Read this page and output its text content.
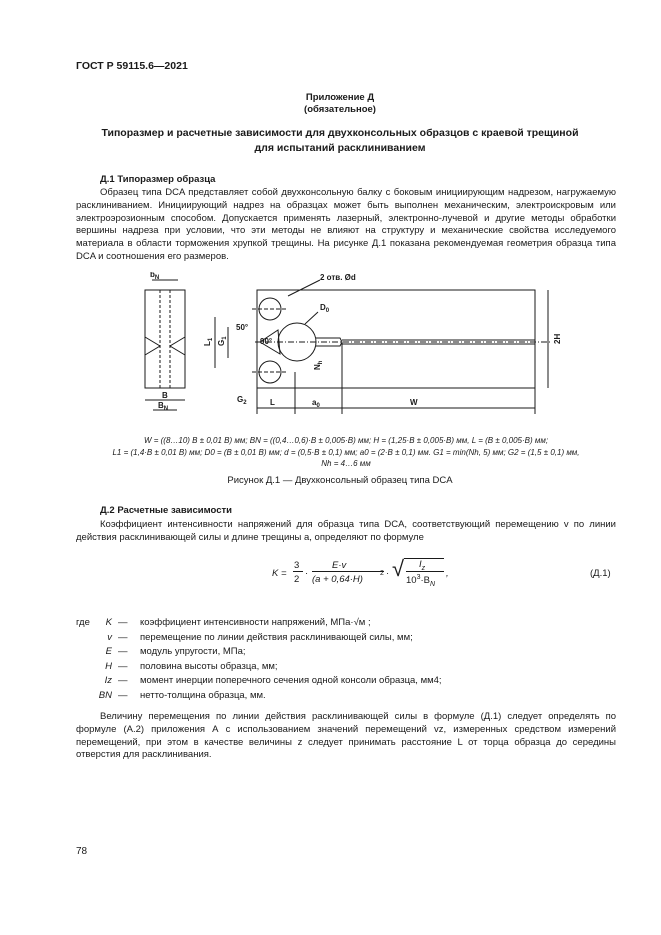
ГОСТ Р 59115.6—2021
Приложение Д
(обязательное)
Типоразмер и расчетные зависимости для двухконсольных образцов с краевой трещиной
для испытаний расклиниванием
Д.1 Типоразмер образца

Образец типа DCA представляет собой двухконсольную балку с боковым инициирующим надрезом, нагружаемую расклиниванием. Инициирующий надрез на образцах может быть выполнен механическим, электроискровым или электроэрозионным способом. Допускается применять лазерный, электронно-лучевой и другие методы обработки вершины надреза при условии, что эти методы не влияют на структуру и механические свойства исследуемого материала в области торможения хрупкой трещины. На рисунке Д.1 показана рекомендуемая геометрия образца типа DCA и соотношения его размеров.

$b_N$	2 отв. Ød
$D_0$
50°
90°
$L_1$
$G_1$
$N_h$
2H
B
$B_N$
$G_2$	L	$a_0$	W
W = ((8…10) B ± 0,01 B) мм; BN = ((0,4…0,6)·B ± 0,005·B) мм; H = (1,25·B ± 0,005·B) мм, L = (B ± 0,005·B) мм;
L1 = (1,4·B ± 0,01 B) мм; D0 = (B ± 0,01 B) мм; d = (0,5·B ± 0,1) мм; a0 = (2·B ± 0,1) мм. G1 = min(Nh, 5) мм; G2 = (1,5 ± 0,1) мм,
Nh = 4…6 мм
Рисунок Д.1 — Двухконсольный образец типа DCA
Д.2 Расчетные зависимости

Коэффициент интенсивности напряжений для образца типа DCA, соответствующий перемещению v по линии действия расклинивающей силы и длине трещины a, определяют по формуле

K =
3
2
·
E·v
(a + 0,64·H)
2 · √ $I_z$
$10^3\cdot B_N$
,	(Д.1)
где	K —	коэффициент интенсивности напряжений, МПа·√м ;
v —	перемещение по линии действия расклинивающей силы, мм;
E —	модуль упругости, МПа;
H —	половина высоты образца, мм;
Iz —	момент инерции поперечного сечения одной консоли образца, мм4;
BN —	нетто-толщина образца, мм.

Величину перемещения по линии действия расклинивающей силы в формуле (Д.1) следует определять по формуле (А.2) приложения А с использованием значений перемещений vz, измеренных средством измерений перемещений, при этом в качестве величины z следует принимать расстояние L от торца образца до середины отверстия для расклинивания.

78
